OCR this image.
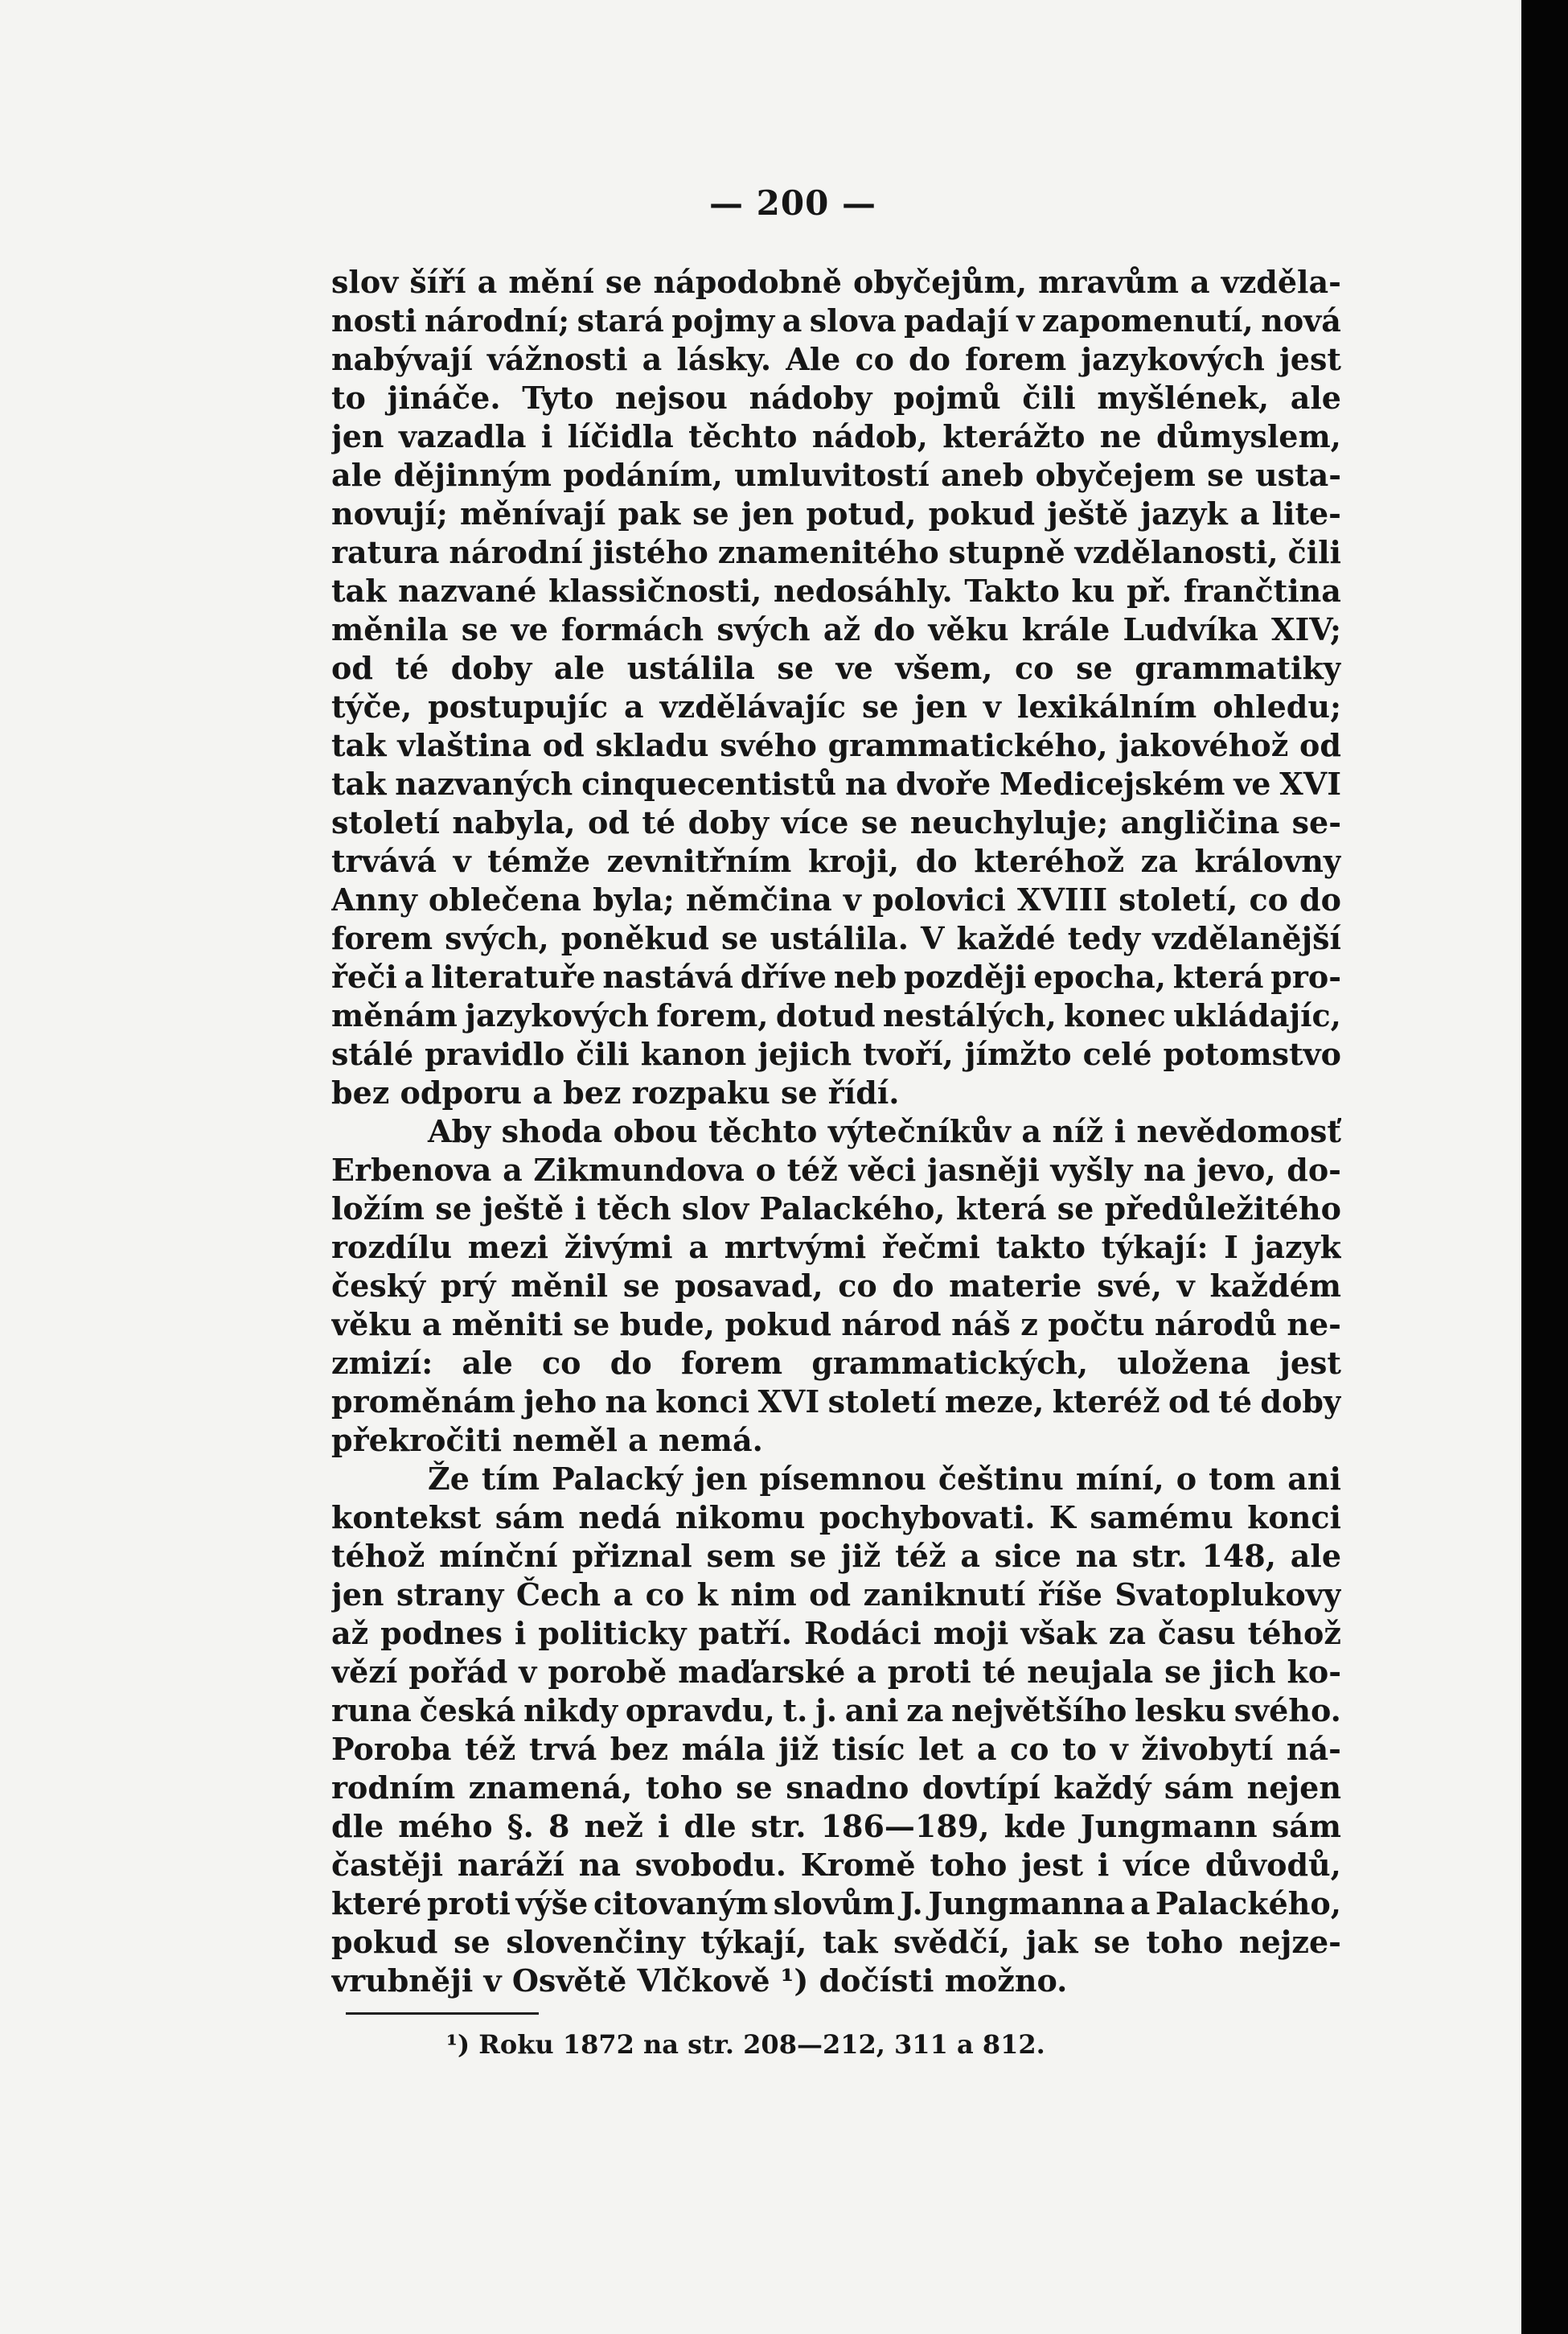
— 200 —
slov šíří a mění se nápodobně obyčejům, mravům a vzděla-
nosti národní; stará pojmy a slova padají v zapomenutí, nová
nabývají vážnosti a lásky. Ale co do forem jazykových jest
to jináče. Tyto nejsou nádoby pojmů čili myšlének, ale
jen vazadla i líčidla těchto nádob, kterážto ne důmyslem,
ale dějinným podáním, umluvitostí aneb obyčejem se usta-
novují; měnívají pak se jen potud, pokud ještě jazyk a lite-
ratura národní jistého znamenitého stupně vzdělanosti, čili
tak nazvané klassičnosti, nedosáhly. Takto ku př. frančtina
měnila se ve formách svých až do věku krále Ludvíka XIV;
od té doby ale ustálila se ve všem, co se grammatiky
týče, postupujíc a vzdělávajíc se jen v lexikálním ohledu;
tak vlaština od skladu svého grammatického, jakovéhož od
tak nazvaných cinquecentistů na dvoře Medicejském ve XVI
století nabyla, od té doby více se neuchyluje; angličina se-
trvává v témže zevnitřním kroji, do kteréhož za královny
Anny oblečena byla; němčina v polovici XVIII století, co do
forem svých, poněkud se ustálila. V každé tedy vzdělanější
řeči a literatuře nastává dříve neb později epocha, která pro-
měnám jazykových forem, dotud nestálých, konec ukládajíc,
stálé pravidlo čili kanon jejich tvoří, jímžto celé potomstvo
bez odporu a bez rozpaku se řídí.
Aby shoda obou těchto výtečníkův a níž i nevědomosť
Erbenova a Zikmundova o též věci jasněji vyšly na jevo, do-
ložím se ještě i těch slov Palackého, která se předůležitého
rozdílu mezi živými a mrtvými řečmi takto týkají: I jazyk
český prý měnil se posavad, co do materie své, v každém
věku a měniti se bude, pokud národ náš z počtu národů ne-
zmizí: ale co do forem grammatických, uložena jest
proměnám jeho na konci XVI století meze, kteréž od té doby
překročiti neměl a nemá.
Že tím Palacký jen písemnou češtinu míní, o tom ani
kontekst sám nedá nikomu pochybovati. K samému konci
téhož mínční přiznal sem se již též a sice na str. 148, ale
jen strany Čech a co k nim od zaniknutí říše Svatoplukovy
až podnes i politicky patří. Rodáci moji však za času téhož
vězí pořád v porobě maďarské a proti té neujala se jich ko-
runa česká nikdy opravdu, t. j. ani za největšího lesku svého.
Poroba též trvá bez mála již tisíc let a co to v živobytí ná-
rodním znamená, toho se snadno dovtípí každý sám nejen
dle mého §. 8 než i dle str. 186—189, kde Jungmann sám
častěji naráží na svobodu. Kromě toho jest i více důvodů,
které proti výše citovaným slovům J. Jungmanna a Palackého,
pokud se slovenčiny týkají, tak svědčí, jak se toho nejze-
vrubněji v Osvětě Vlčkově ¹) dočísti možno.
¹) Roku 1872 na str. 208—212, 311 a 812.
